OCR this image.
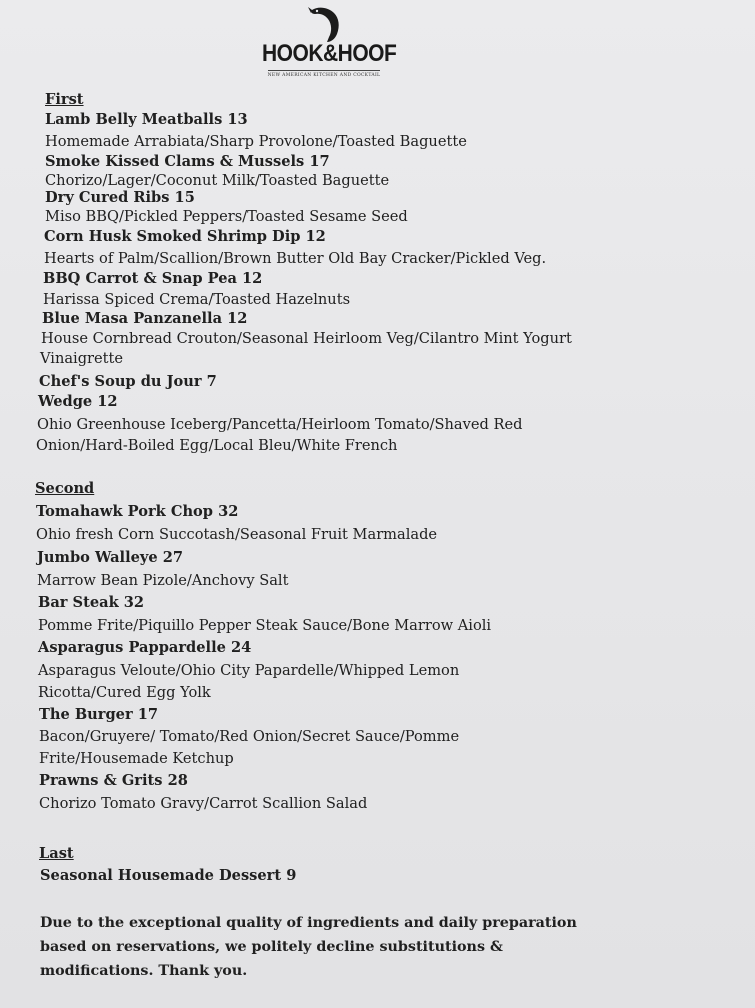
HOOK&HOOF
NEW AMERICAN KITCHEN AND COCKTAIL
First
Lamb Belly Meatballs 13
Homemade Arrabiata/Sharp Provolone/Toasted Baguette
Smoke Kissed Clams & Mussels 17
Chorizo/Lager/Coconut Milk/Toasted Baguette
Dry Cured Ribs 15
Miso BBQ/Pickled Peppers/Toasted Sesame Seed
Corn Husk Smoked Shrimp Dip 12
Hearts of Palm/Scallion/Brown Butter Old Bay Cracker/Pickled Veg.
BBQ Carrot & Snap Pea 12
Harissa Spiced Crema/Toasted Hazelnuts
Blue Masa Panzanella 12
House Cornbread Crouton/Seasonal Heirloom Veg/Cilantro Mint Yogurt
Vinaigrette
Chef's Soup du Jour 7
Wedge 12
Ohio Greenhouse Iceberg/Pancetta/Heirloom Tomato/Shaved Red
Onion/Hard-Boiled Egg/Local Bleu/White French
Second
Tomahawk Pork Chop 32
Ohio fresh Corn Succotash/Seasonal Fruit Marmalade
Jumbo Walleye 27
Marrow Bean Pizole/Anchovy Salt
Bar Steak 32
Pomme Frite/Piquillo Pepper Steak Sauce/Bone Marrow Aioli
Asparagus Pappardelle 24
Asparagus Veloute/Ohio City Papardelle/Whipped Lemon
Ricotta/Cured Egg Yolk
The Burger 17
Bacon/Gruyere/ Tomato/Red Onion/Secret Sauce/Pomme
Frite/Housemade Ketchup
Prawns & Grits 28
Chorizo Tomato Gravy/Carrot Scallion Salad
Last
Seasonal Housemade Dessert 9
Due to the exceptional quality of ingredients and daily preparation
based on reservations, we politely decline substitutions &
modifications. Thank you.
